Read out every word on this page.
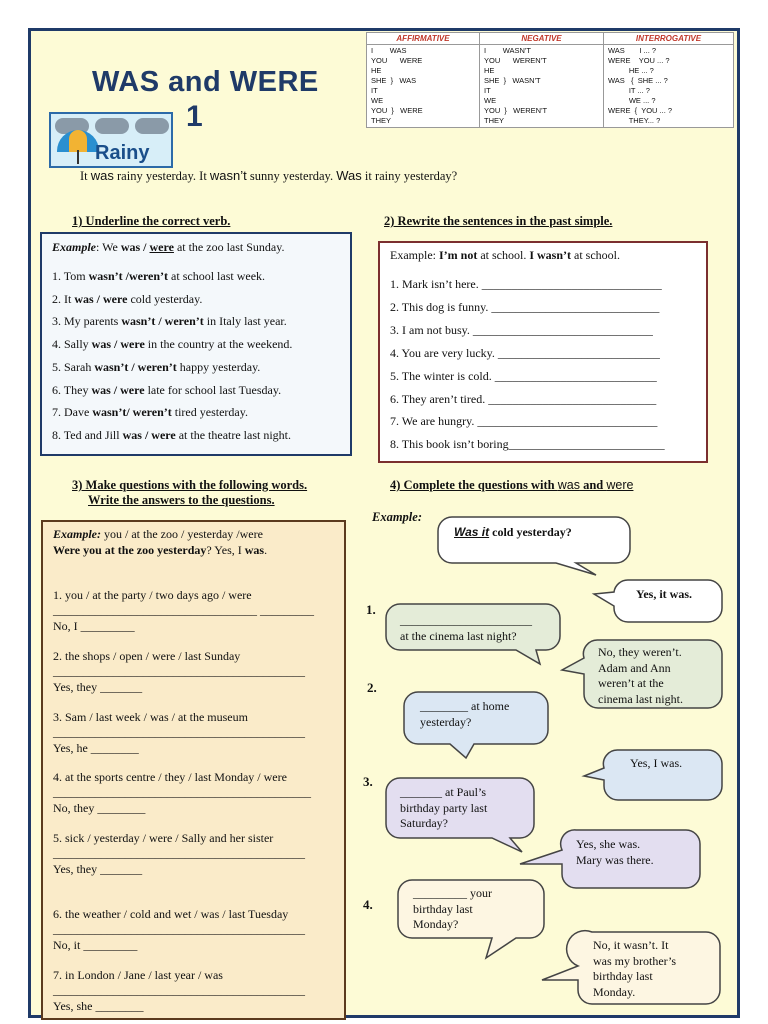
WAS and WERE
1
Rainy
AFFIRMATIVE
I        WAS
YOU      WERE
HE
SHE  }   WAS
IT
WE
YOU  }   WERE
THEY
NEGATIVE
I        WASN'T
YOU      WEREN'T
HE
SHE  }   WASN'T
IT
WE
YOU  }   WEREN'T
THEY
INTERROGATIVE
WAS       I ... ?
WERE    YOU ... ?
HE ... ?
WAS   {  SHE ... ?
IT ... ?
WE ... ?
WERE  {  YOU ... ?
THEY... ?
It was rainy yesterday. It wasn’t sunny yesterday. Was it rainy yesterday?
1) Underline the correct verb.
Example: We was / were at the zoo last Sunday.
1. Tom wasn’t /weren’t at school last week.
2. It was / were cold yesterday.
3. My parents wasn’t / weren’t in Italy last year.
4. Sally was / were in the country at the weekend.
5. Sarah wasn’t / weren’t happy yesterday.
6. They was / were late for school last Tuesday.
7. Dave wasn’t/ weren’t tired yesterday.
8. Ted and Jill was / were at the theatre last night.
2) Rewrite the sentences in the past simple.
Example: I’m not at school. I wasn’t at school.
1. Mark isn’t here. ______________________________
2. This dog is funny. ____________________________
3. I am not busy. ______________________________
4. You are very lucky. ___________________________
5. The winter is cold. ___________________________
6. They aren’t tired. ____________________________
7. We are hungry. ______________________________
8. This book isn’t boring__________________________
3) Make questions with the following words.
Write the answers to the questions.
Example: you / at the zoo / yesterday /were
Were you at the zoo yesterday? Yes, I was.
1. you / at the party / two days ago / were
__________________________________ _________
No, I _________
2. the shops / open / were / last Sunday
__________________________________________
Yes, they _______
3. Sam / last week / was / at the museum
__________________________________________
Yes, he ________
4. at the sports centre / they / last Monday / were
___________________________________________
No, they ________
5. sick / yesterday / were / Sally and her sister
__________________________________________
Yes, they _______
6. the weather / cold and wet / was / last Tuesday
__________________________________________
No, it _________
7. in London / Jane / last year / was
__________________________________________
Yes, she ________
4) Complete the questions with was and were
Example:
Was it cold yesterday?
Yes, it was.
1.
2.
3.
4.
______________________
at the cinema last night?
No, they weren’t.
Adam and Ann
weren’t at the
cinema last night.
________ at home
yesterday?
Yes, I was.
_______ at Paul’s
birthday party last
Saturday?
Yes, she was.
Mary was there.
_________ your
birthday last
Monday?
No, it wasn’t. It
was my brother’s
birthday last
Monday.
